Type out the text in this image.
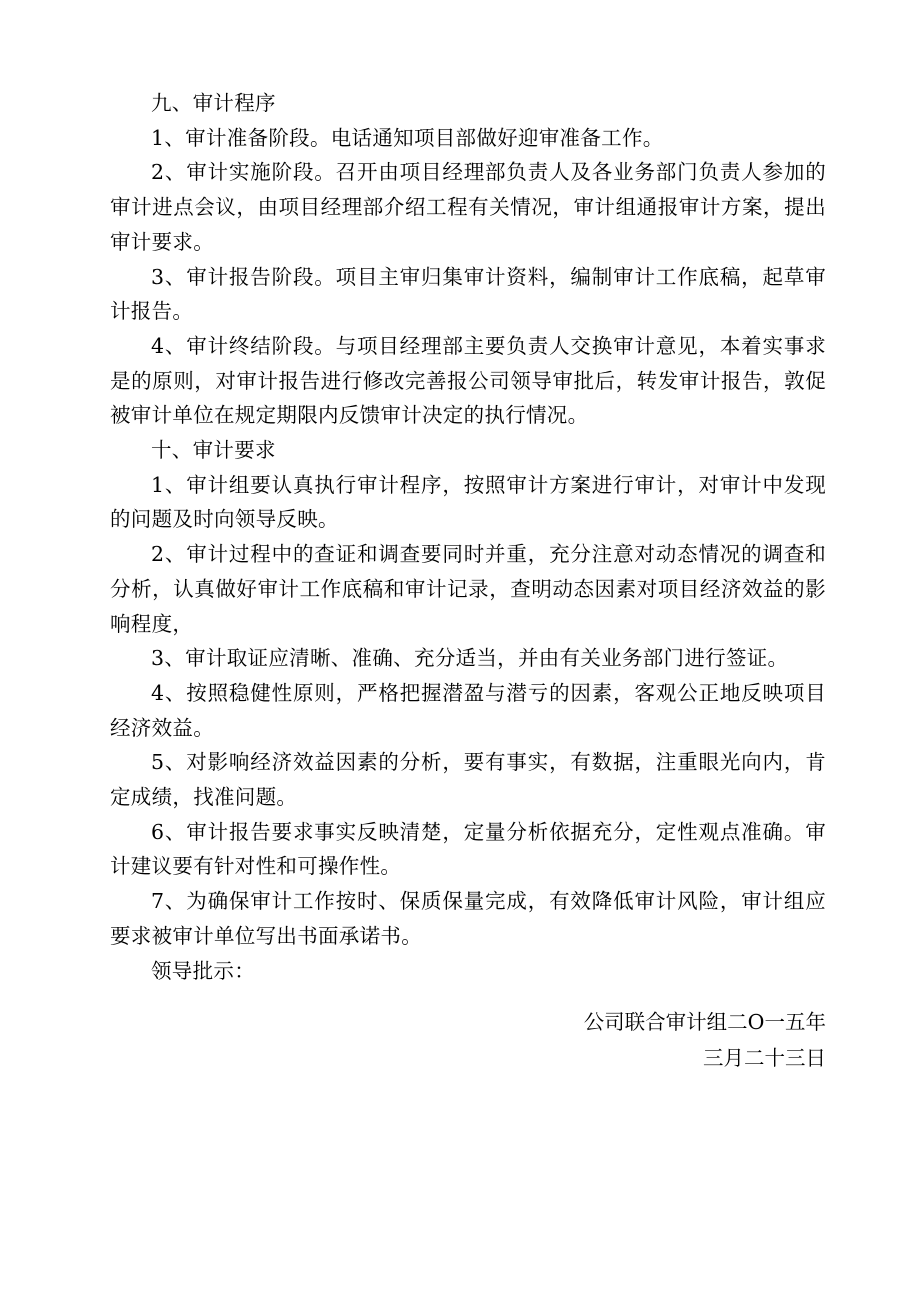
九、审计程序

1、审计准备阶段。电话通知项目部做好迎审准备工作。

2、审计实施阶段。召开由项目经理部负责人及各业务部门负责人参加的审计进点会议，由项目经理部介绍工程有关情况，审计组通报审计方案，提出审计要求。

3、审计报告阶段。项目主审归集审计资料，编制审计工作底稿，起草审计报告。

4、审计终结阶段。与项目经理部主要负责人交换审计意见，本着实事求是的原则，对审计报告进行修改完善报公司领导审批后，转发审计报告，敦促被审计单位在规定期限内反馈审计决定的执行情况。

十、审计要求

1、审计组要认真执行审计程序，按照审计方案进行审计，对审计中发现的问题及时向领导反映。

2、审计过程中的查证和调查要同时并重，充分注意对动态情况的调查和分析，认真做好审计工作底稿和审计记录，查明动态因素对项目经济效益的影响程度，

3、审计取证应清晰、准确、充分适当，并由有关业务部门进行签证。

4、按照稳健性原则，严格把握潜盈与潜亏的因素，客观公正地反映项目经济效益。

5、对影响经济效益因素的分析，要有事实，有数据，注重眼光向内，肯定成绩，找准问题。

6、审计报告要求事实反映清楚，定量分析依据充分，定性观点准确。审计建议要有针对性和可操作性。

7、为确保审计工作按时、保质保量完成，有效降低审计风险，审计组应要求被审计单位写出书面承诺书。

领导批示：

公司联合审计组二O一五年
三月二十三日
